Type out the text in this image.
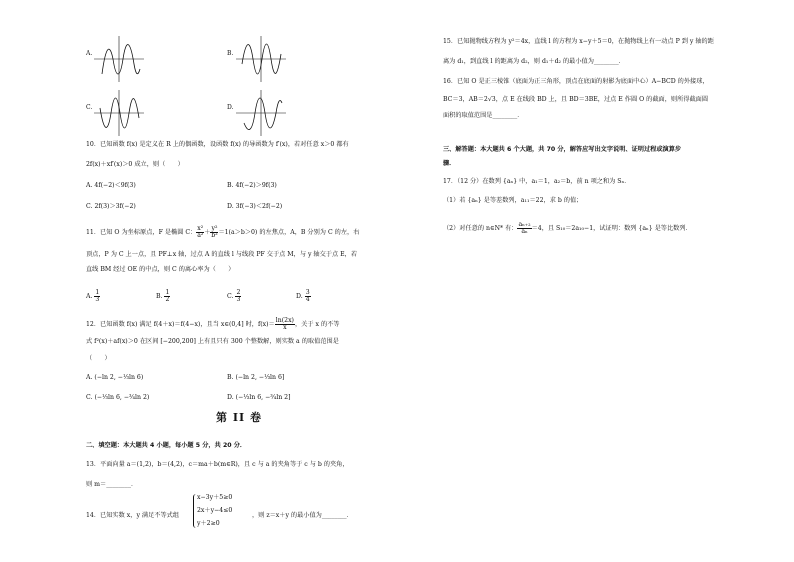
A.	B.
C.	D.
10．已知函数 f(x) 是定义在 R 上的偶函数，设函数 f(x) 的导函数为 f′(x)，若对任意 x＞0 都有
2f(x)＋xf′(x)＞0 成立，则（　　）
A. 4f(−2)＜9f(3)	B. 4f(−2)＞9f(3)
C. 2f(3)＞3f(−2)	D. 3f(−3)＜2f(−2)
11．已知 O 为坐标原点，F 是椭圆 C： $\frac{\text{x²}}{\text{a²}} + \frac{\text{y²}}{\text{b²}} =1(a>b>0)$ 的左焦点，A，B 分别为 C 的左，右
顶点，P 为 C 上一点，且 PF⊥x 轴，过点 A 的直线 l 与线段 PF 交于点 M，与 y 轴交于点 E，若
直线 BM 经过 OE 的中点，则 C 的离心率为（　　）
A. $\frac{1}{3}$	B. $\frac{1}{2}$	C. $\frac{2}{3}$	D. $\frac{3}{4}$
12．已知函数 f(x) 满足 f(4＋x)＝f(4−x)，且当 x∈(0,4] 时，$f(x)= \frac{\ln(2x)}{x}$ ，关于 x 的不等
式 f²(x)＋af(x)＞0 在区间 [−200,200] 上有且只有 300 个整数解，则实数 a 的取值范围是
（　　）
A. (−ln 2, −⅓ln 6)	B. (−ln 2, −⅓ln 6]
C. (−⅓ln 6, −¾ln 2)	D. (−⅓ln 6, −¾ln 2]
第 II 卷
二、填空题：本大题共 4 小题，每小题 5 分，共 20 分．
13．平面向量 a＝(1,2)，b＝(4,2)，c＝ma＋b(m∈R)，且 c 与 a 的夹角等于 c 与 b 的夹角，
则 m＝________．
14．已知实数 x，y 满足不等式组
x−3y＋5≥0
2x＋y−4≤0
y＋2≥0
，则 z＝x＋y 的最小值为________．
15．已知抛物线方程为 y²＝4x，直线 l 的方程为 x−y＋5＝0，在抛物线上有一动点 P 到 y 轴的距
离为 d₁，到直线 l 的距离为 d₂，则 d₁＋d₂ 的最小值为________．
16．已知 O 是正三棱锥（底面为正三角形，顶点在底面的射影为底面中心）A−BCD 的外接球，
BC＝3，AB＝2√3，点 E 在线段 BD 上，且 BD＝3BE，过点 E 作圆 O 的截面，则所得截面圆
面积的取值范围是________．
三、解答题：本大题共 6 个大题，共 70 分，解答应写出文字说明、证明过程或演算步
骤．
17．（12 分）在数列 {aₙ} 中，a₁＝1，a₂＝b，前 n 项之和为 Sₙ．
（1）若 {aₙ} 是等差数列，a₁₁＝22，求 b 的值；
（2）对任意的 n∈N* 有： $\frac{\text{aₙ₊₂}}{\text{aₙ}} =4$，且 S₁₀＝2a₁₀−1，试证明：数列 {aₙ} 是等比数列．
